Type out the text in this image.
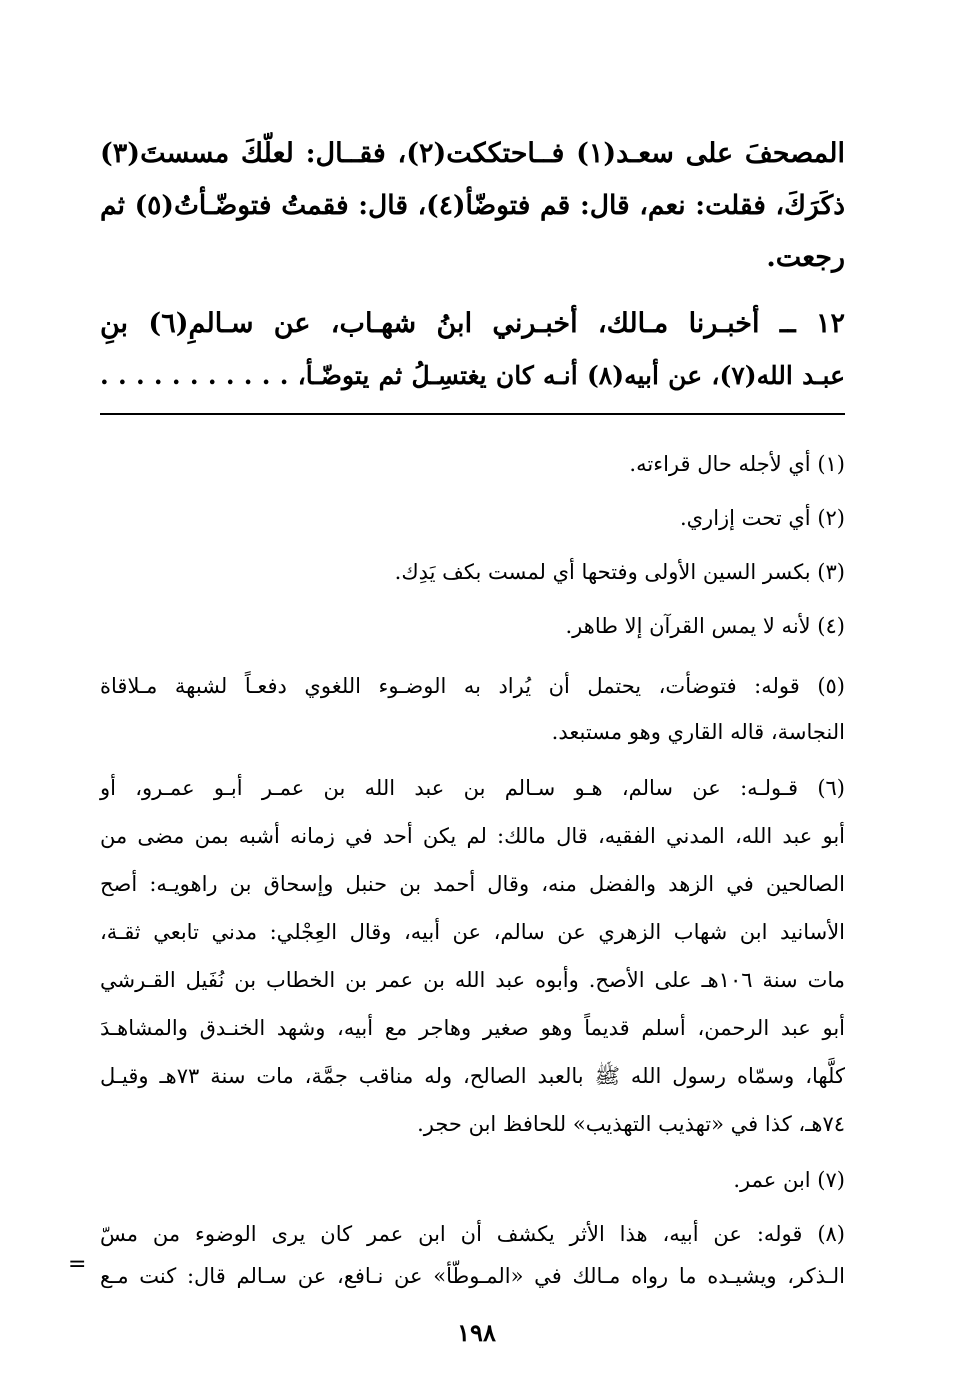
المصحفَ على سعـد(١) فــاحتككت(٢)، فقــال: لعلّكَ مسستَ(٣)
ذكَرَكَ، فقلت: نعم، قال: قم فتوضّأ(٤)، قال: فقمتُ فتوضّـأتُ(٥) ثم
رجعت.
١٢ ــ أخبـرنا مـالك، أخبـرني ابنُ شهـاب، عن سـالمِ(٦) بنِ
عبـد الله(٧)، عن أبيه(٨) أنـه كان يغتسِـلُ ثم يتوضّـأ، . . . . . . . . . . .
(١) أي لأجله حال قراءته.
(٢) أي تحت إزاري.
(٣) بكسر السين الأولى وفتحها أي لمست بكف يَدِك.
(٤) لأنه لا يمس القرآن إلا طاهر.
(٥) قوله: فتوضأت، يحتمل أن يُراد به الوضـوء اللغوي دفعـاً لشبهة مـلاقاة
النجاسة، قاله القاري وهو مستبعد.
(٦) قـولـه: عن سالم، هـو سـالم بن عبد الله بن عمـر أبـو عمـرو، أو
أبو عبد الله، المدني الفقيه، قال مالك: لم يكن أحد في زمانه أشبه بمن مضى من
الصالحين في الزهد والفضل منه، وقال أحمد بن حنبل وإسحاق بن راهويـه: أصح
الأسانيد ابن شهاب الزهري عن سالم، عن أبيه، وقال العِجْلي: مدني تابعي ثقـة،
مات سنة ١٠٦هـ على الأصح. وأبوه عبد الله بن عمر بن الخطاب بن نُفَيل القـرشي
أبو عبد الرحمن، أسلم قديماً وهو صغير وهاجر مع أبيه، وشهد الخنـدق والمشاهـدَ
كلَّها، وسمّاه رسول الله ﷺ بالعبد الصالح، وله مناقب جمَّة، مات سنة ٧٣هـ وقيـل
٧٤هـ، كذا في «تهذيب التهذيب» للحافظ ابن حجر.
(٧) ابن عمر.
(٨) قوله: عن أبيه، هذا الأثر يكشف أن ابن عمر كان يرى الوضوء من مسّ
الـذكر، ويشيـده ما رواه مـالك في «المـوطّأ» عن نـافع، عن سـالم قال: كنت مـع
=
١٩٨
